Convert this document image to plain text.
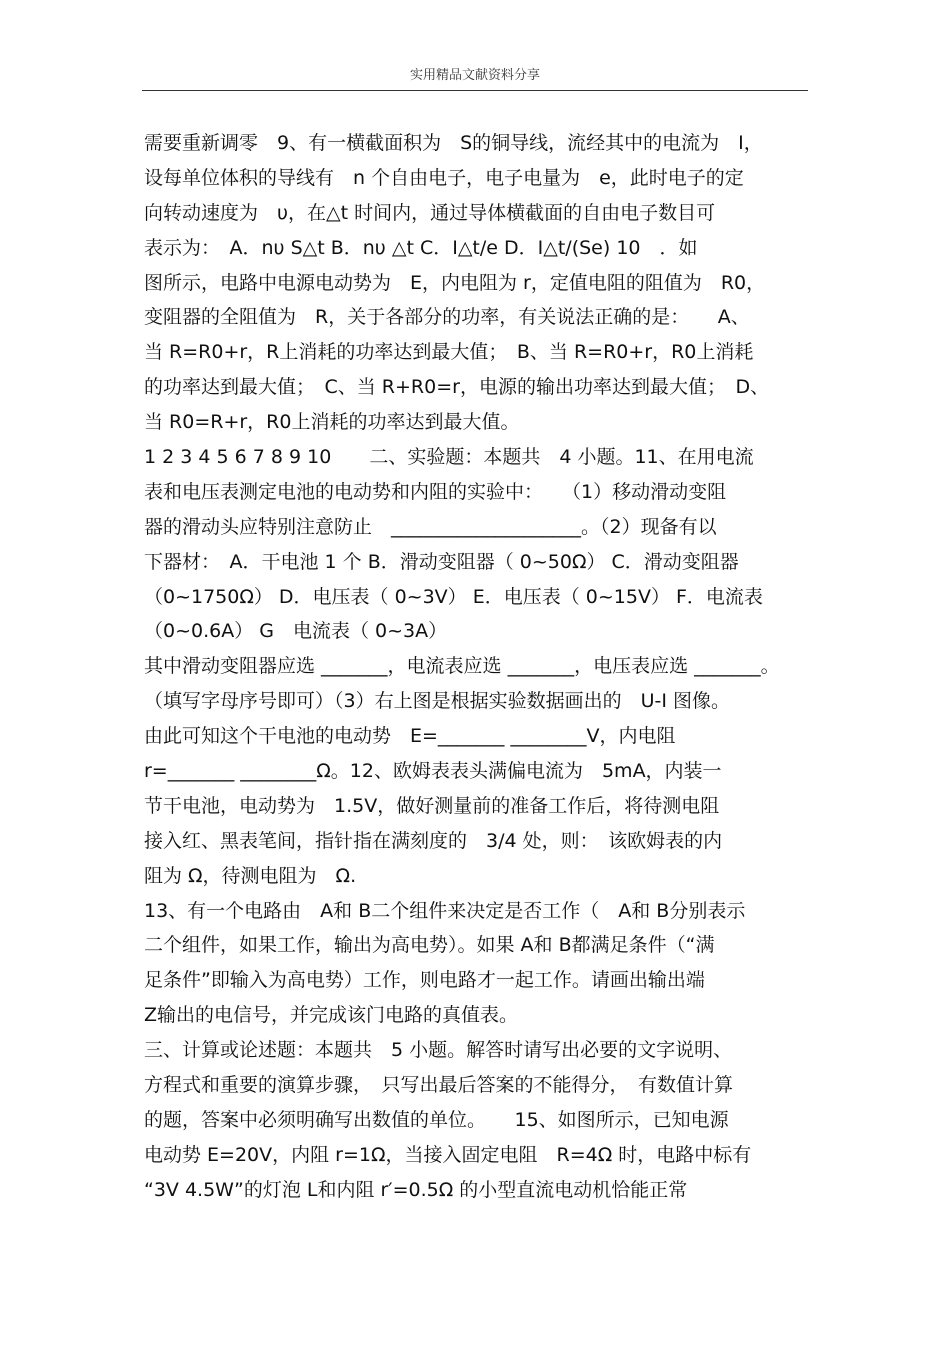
实用精品文献资料分享
需要重新调零　9、有一横截面积为　S的铜导线，流经其中的电流为　I，
设每单位体积的导线有　n 个自由电子，电子电量为　e，此时电子的定
向转动速度为　υ，在△t 时间内，通过导体横截面的自由电子数目可
表示为：　A．nυ S△t B．nυ △t C．I△t/e D．I△t/(Se) 10　．如
图所示，电路中电源电动势为　E，内电阻为 r，定值电阻的阻值为　R0，
变阻器的全阻值为　R，关于各部分的功率，有关说法正确的是：　　A、
当 R=R0+r，R上消耗的功率达到最大值；　B、当 R=R0+r，R0上消耗
的功率达到最大值；　C、当 R+R0=r，电源的输出功率达到最大值；　D、
当 R0=R+r，R0上消耗的功率达到最大值。
1 2 3 4 5 6 7 8 9 10　　二、实验题：本题共　4 小题。11、在用电流
表和电压表测定电池的电动势和内阻的实验中：　　（1）移动滑动变阻
器的滑动头应特别注意防止　____________________。（2）现备有以
下器材：　A．干电池 1 个 B．滑动变阻器（ 0~50Ω） C．滑动变阻器
（0~1750Ω） D．电压表（ 0~3V） E．电压表（ 0~15V） F．电流表
（0~0.6A） G　电流表（ 0~3A）
其中滑动变阻器应选 _______，电流表应选 _______，电压表应选 _______。
（填写字母序号即可）（3）右上图是根据实验数据画出的　U-I 图像。
由此可知这个干电池的电动势　E=_______ ________V，内电阻
r=_______ ________Ω。12、欧姆表表头满偏电流为　5mA，内装一
节干电池，电动势为　1.5V，做好测量前的准备工作后，将待测电阻
接入红、黑表笔间，指针指在满刻度的　3/4 处，则：　该欧姆表的内
阻为 Ω，待测电阻为　Ω.
13、有一个电路由　A和 B二个组件来决定是否工作（　A和 B分别表示
二个组件，如果工作，输出为高电势）。如果 A和 B都满足条件（“满
足条件”即输入为高电势）工作，则电路才一起工作。请画出输出端
Z输出的电信号，并完成该门电路的真值表。
三、计算或论述题：本题共　5 小题。解答时请写出必要的文字说明、
方程式和重要的演算步骤，　只写出最后答案的不能得分，　有数值计算
的题，答案中必须明确写出数值的单位。　　15、如图所示，已知电源
电动势 E=20V，内阻 r=1Ω，当接入固定电阻　R=4Ω 时，电路中标有
“3V 4.5W”的灯泡 L和内阻 r′=0.5Ω 的小型直流电动机恰能正常
